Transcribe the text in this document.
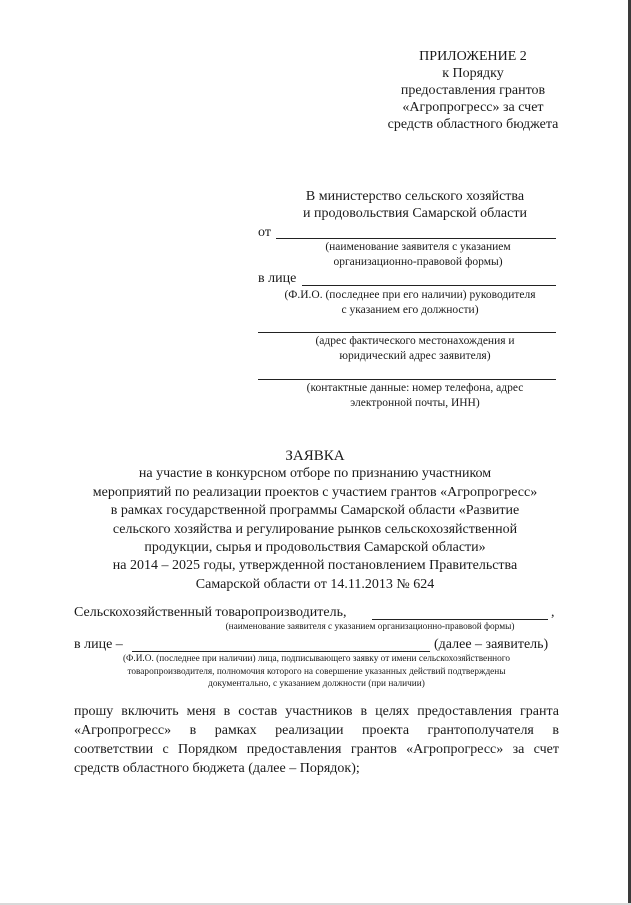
ПРИЛОЖЕНИЕ 2
к Порядку
предоставления грантов
«Агропрогресс» за счет
средств областного бюджета
В министерство сельского хозяйства
и продовольствия Самарской области
от
(наименование заявителя с указанием
организационно-правовой формы)
в лице
(Ф.И.О. (последнее при его наличии) руководителя
с указанием его должности)
(адрес фактического местонахождения и
юридический адрес заявителя)
(контактные данные: номер телефона, адрес
электронной почты, ИНН)
ЗАЯВКА
на участие в конкурсном отборе по признанию участником
мероприятий по реализации проектов с участием грантов «Агропрогресс»
в рамках государственной программы Самарской области «Развитие
сельского хозяйства и регулирование рынков сельскохозяйственной
продукции, сырья и продовольствия Самарской области»
на 2014 – 2025 годы, утвержденной постановлением Правительства
Самарской области от 14.11.2013 № 624
Сельскохозяйственный товаропроизводитель,	,
(наименование заявителя с указанием организационно-правовой формы)
в лице –	(далее – заявитель)
(Ф.И.О. (последнее при наличии) лица, подписывающего заявку от имени сельскохозяйственного
товаропроизводителя, полномочия которого на совершение указанных действий подтверждены
документально, с указанием должности (при наличии)
прошу включить меня в состав участников в целях предоставления гранта
«Агропрогресс» в рамках реализации проекта грантополучателя в
соответствии с Порядком предоставления грантов «Агропрогресс» за счет
средств областного бюджета (далее – Порядок);
